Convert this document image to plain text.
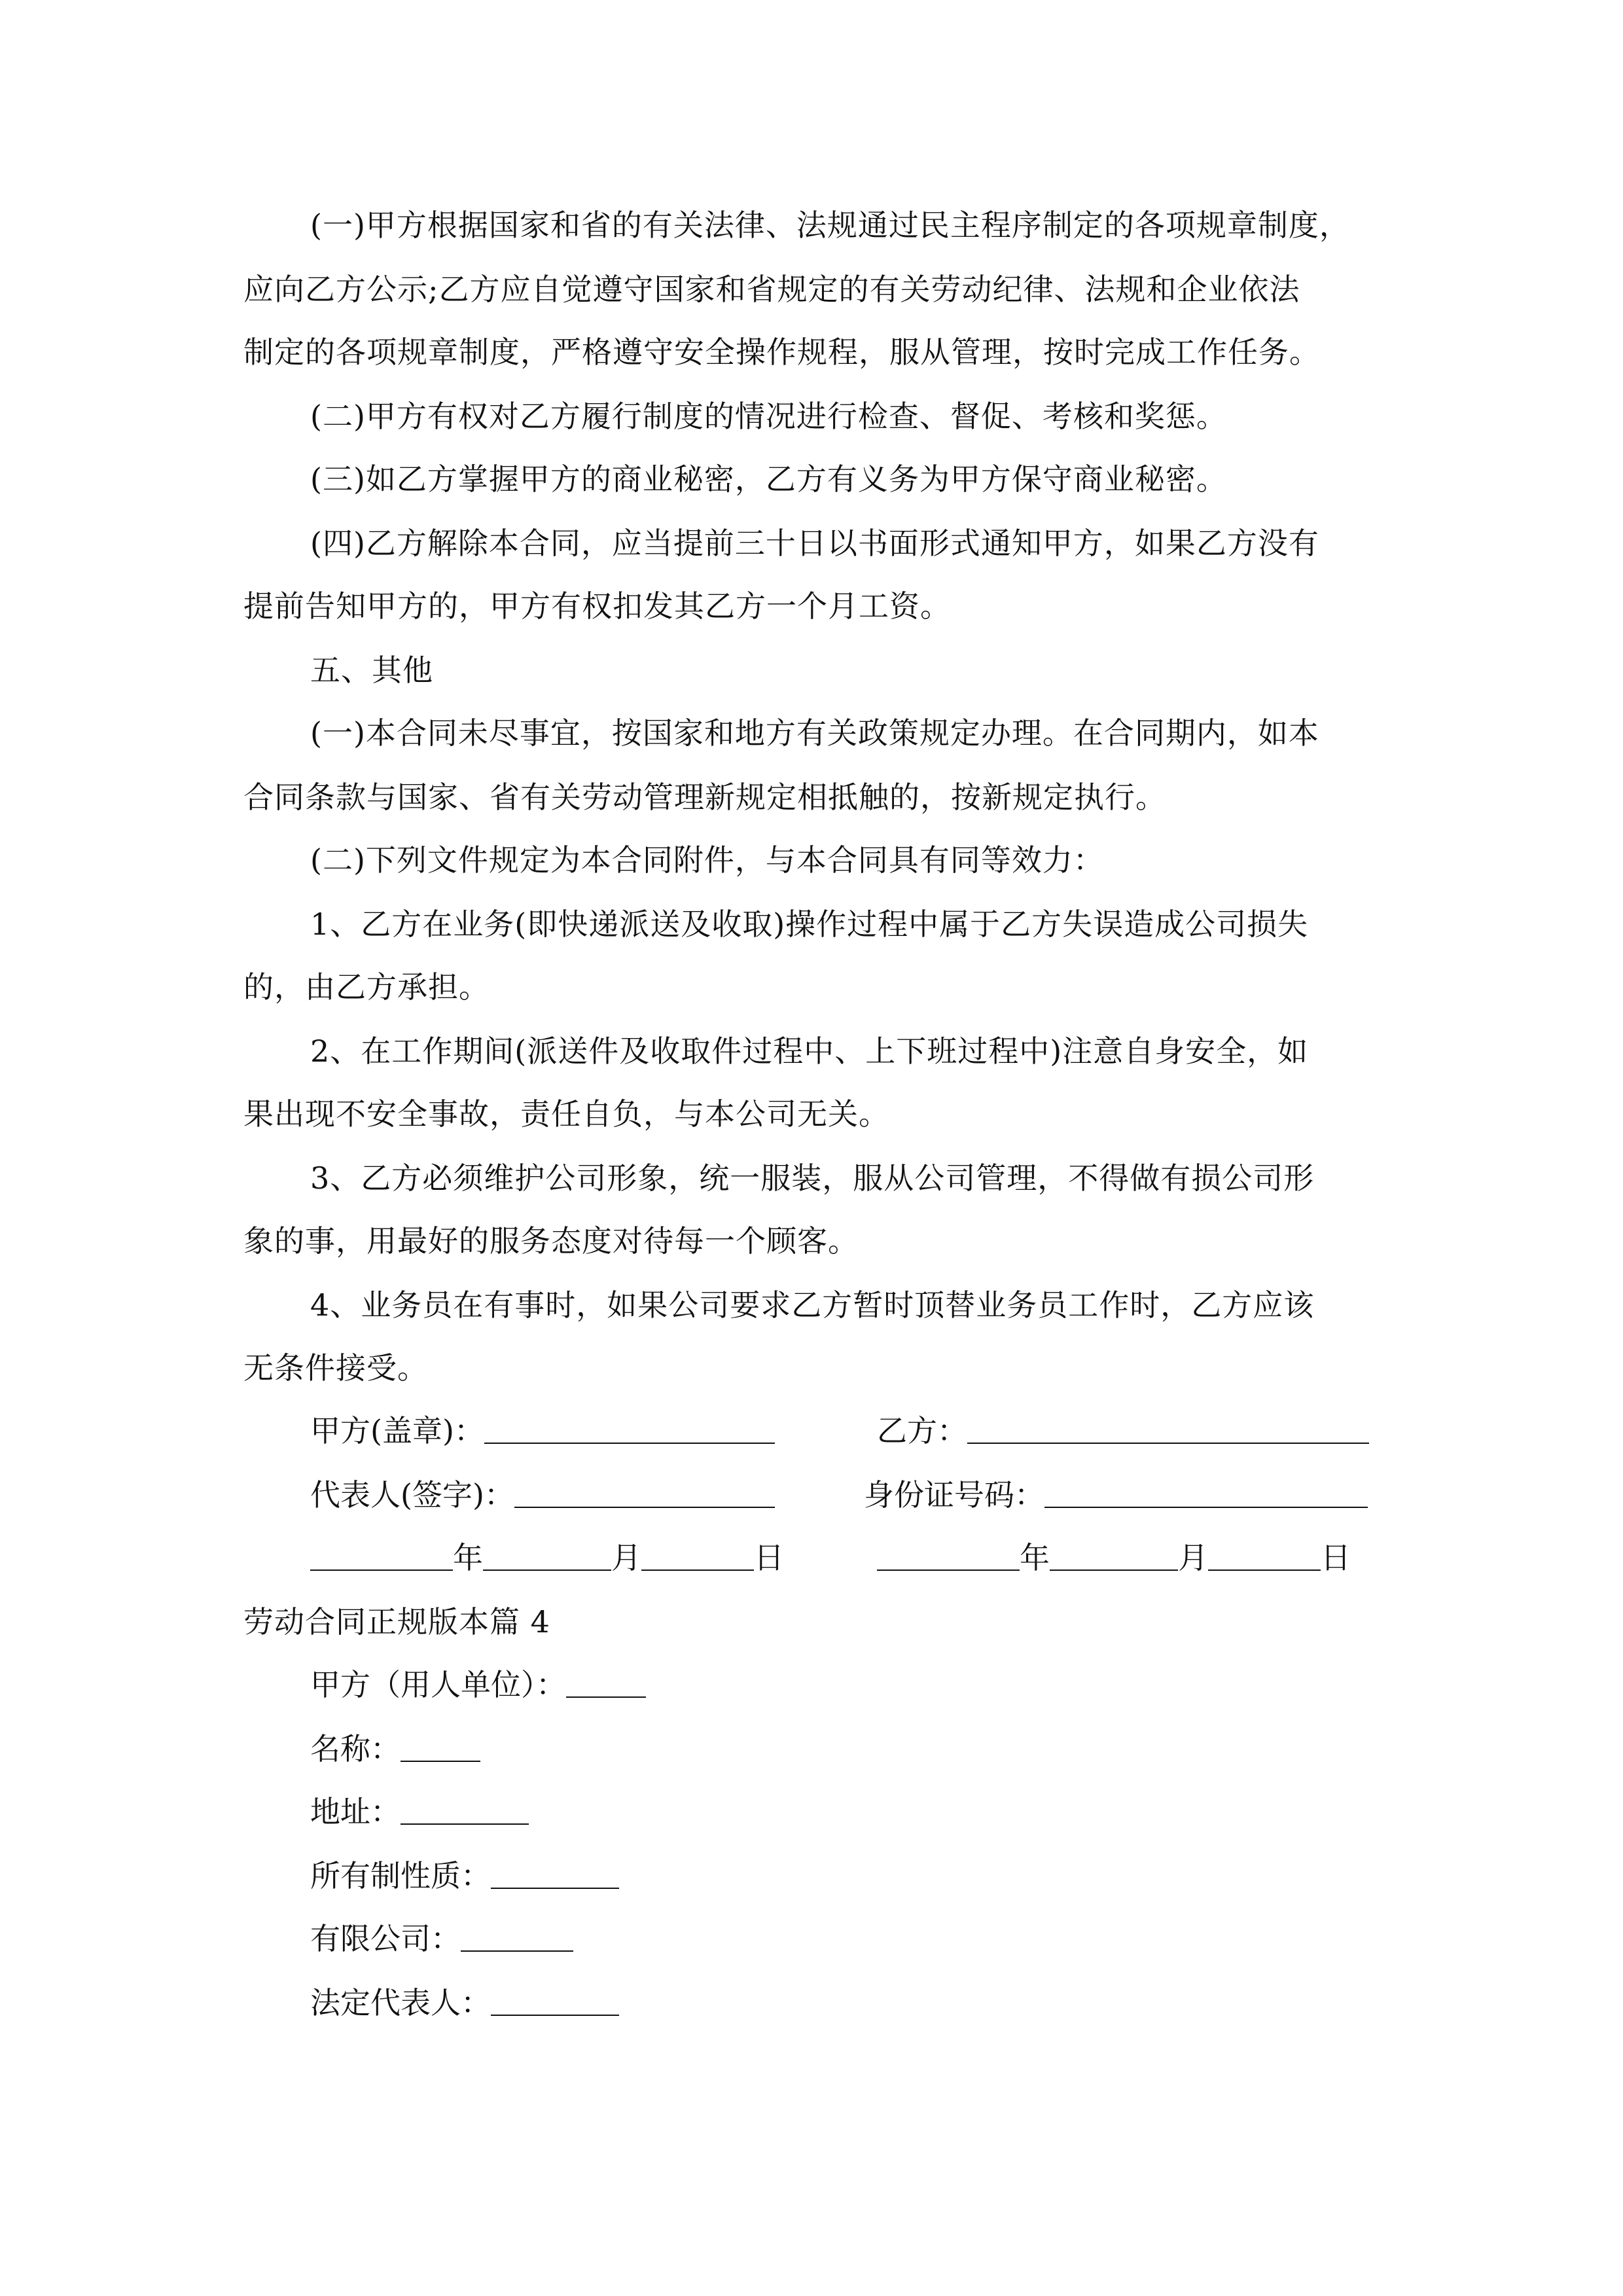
(一)甲方根据国家和省的有关法律、法规通过民主程序制定的各项规章制度，
应向乙方公示;乙方应自觉遵守国家和省规定的有关劳动纪律、法规和企业依法
制定的各项规章制度，严格遵守安全操作规程，服从管理，按时完成工作任务。
(二)甲方有权对乙方履行制度的情况进行检查、督促、考核和奖惩。
(三)如乙方掌握甲方的商业秘密，乙方有义务为甲方保守商业秘密。
(四)乙方解除本合同，应当提前三十日以书面形式通知甲方，如果乙方没有
提前告知甲方的，甲方有权扣发其乙方一个月工资。
五、其他
(一)本合同未尽事宜，按国家和地方有关政策规定办理。在合同期内，如本
合同条款与国家、省有关劳动管理新规定相抵触的，按新规定执行。
(二)下列文件规定为本合同附件，与本合同具有同等效力：
1、乙方在业务(即快递派送及收取)操作过程中属于乙方失误造成公司损失
的，由乙方承担。
2、在工作期间(派送件及收取件过程中、上下班过程中)注意自身安全，如
果出现不安全事故，责任自负，与本公司无关。
3、乙方必须维护公司形象，统一服装，服从公司管理，不得做有损公司形
象的事，用最好的服务态度对待每一个顾客。
4、业务员在有事时，如果公司要求乙方暂时顶替业务员工作时，乙方应该
无条件接受。
甲方(盖章)：	乙方：
代表人(签字)：	身份证号码：
年	月	日	年	月	日
劳动合同正规版本篇 4
甲方（用人单位）：
名称：
地址：
所有制性质：
有限公司：
法定代表人：
